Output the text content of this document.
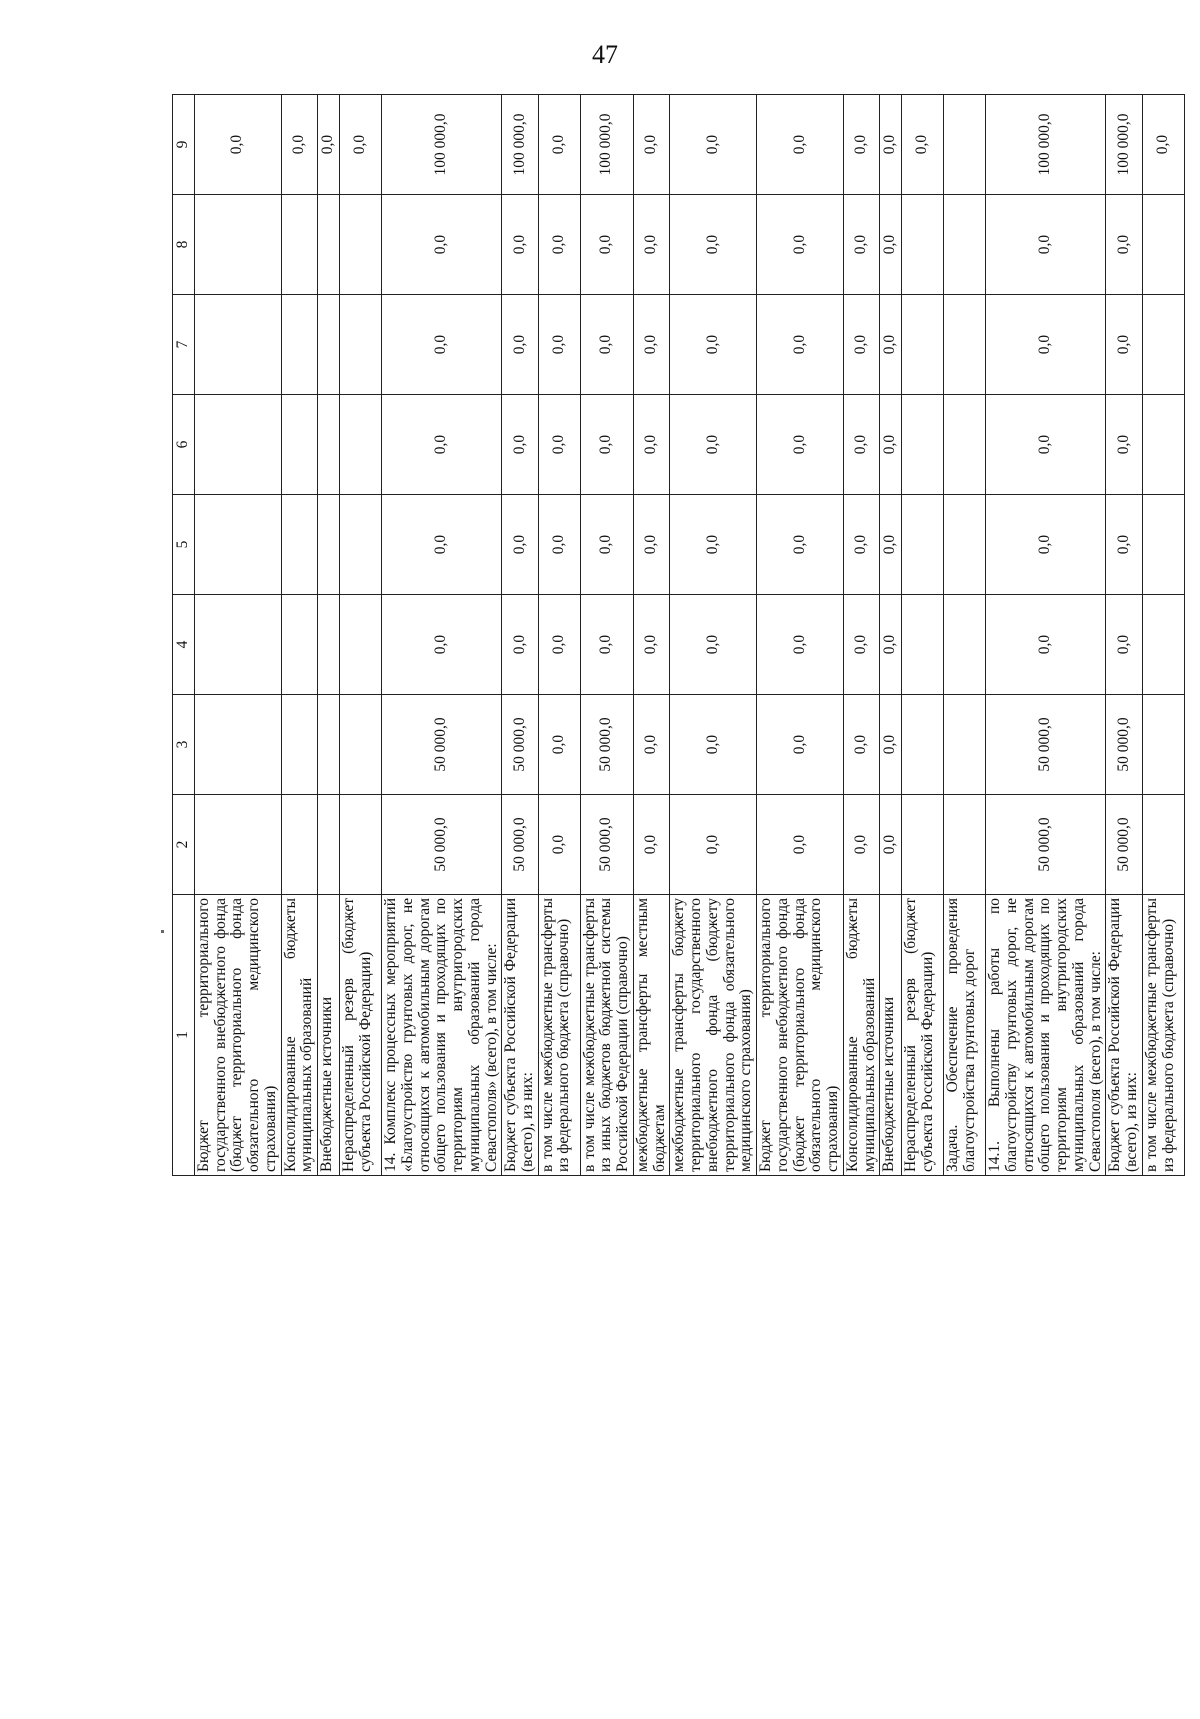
47
1	2	3	4	5	6	7	8	9
Бюджет территориального государственного внебюджетного фонда (бюджет территориального фонда обязательного медицинского страхования)								0,0
Консолидированные бюджеты муниципальных образований								0,0
Внебюджетные источники								0,0
Нераспределенный резерв (бюджет субъекта Российской Федерации)								0,0
14. Комплекс процессных мероприятий «Благоустройство грунтовых дорог, не относящихся к автомобильным дорогам общего пользования и проходящих по территориям внутригородских муниципальных образований города Севастополя» (всего), в том числе:	50 000,0	50 000,0	0,0	0,0	0,0	0,0	0,0	100 000,0
Бюджет субъекта Российской Федерации (всего), из них:	50 000,0	50 000,0	0,0	0,0	0,0	0,0	0,0	100 000,0
в том числе межбюджетные трансферты из федерального бюджета (справочно)	0,0	0,0	0,0	0,0	0,0	0,0	0,0	0,0
в том числе межбюджетные трансферты из иных бюджетов бюджетной системы Российской Федерации (справочно)	50 000,0	50 000,0	0,0	0,0	0,0	0,0	0,0	100 000,0
межбюджетные трансферты местным бюджетам	0,0	0,0	0,0	0,0	0,0	0,0	0,0	0,0
межбюджетные трансферты бюджету территориального государственного внебюджетного фонда (бюджету территориального фонда обязательного медицинского страхования)	0,0	0,0	0,0	0,0	0,0	0,0	0,0	0,0
Бюджет территориального государственного внебюджетного фонда (бюджет территориального фонда обязательного медицинского страхования)	0,0	0,0	0,0	0,0	0,0	0,0	0,0	0,0
Консолидированные бюджеты муниципальных образований	0,0	0,0	0,0	0,0	0,0	0,0	0,0	0,0
Внебюджетные источники	0,0	0,0	0,0	0,0	0,0	0,0	0,0	0,0
Нераспределенный резерв (бюджет субъекта Российской Федерации)								0,0
Задача. Обеспечение проведения благоустройства грунтовых дорог								
14.1. Выполнены работы по благоустройству грунтовых дорог, не относящихся к автомобильным дорогам общего пользования и проходящих по территориям внутригородских муниципальных образований города Севастополя (всего), в том числе:	50 000,0	50 000,0	0,0	0,0	0,0	0,0	0,0	100 000,0
Бюджет субъекта Российской Федерации (всего), из них:	50 000,0	50 000,0	0,0	0,0	0,0	0,0	0,0	100 000,0
в том числе межбюджетные трансферты из федерального бюджета (справочно)								0,0
